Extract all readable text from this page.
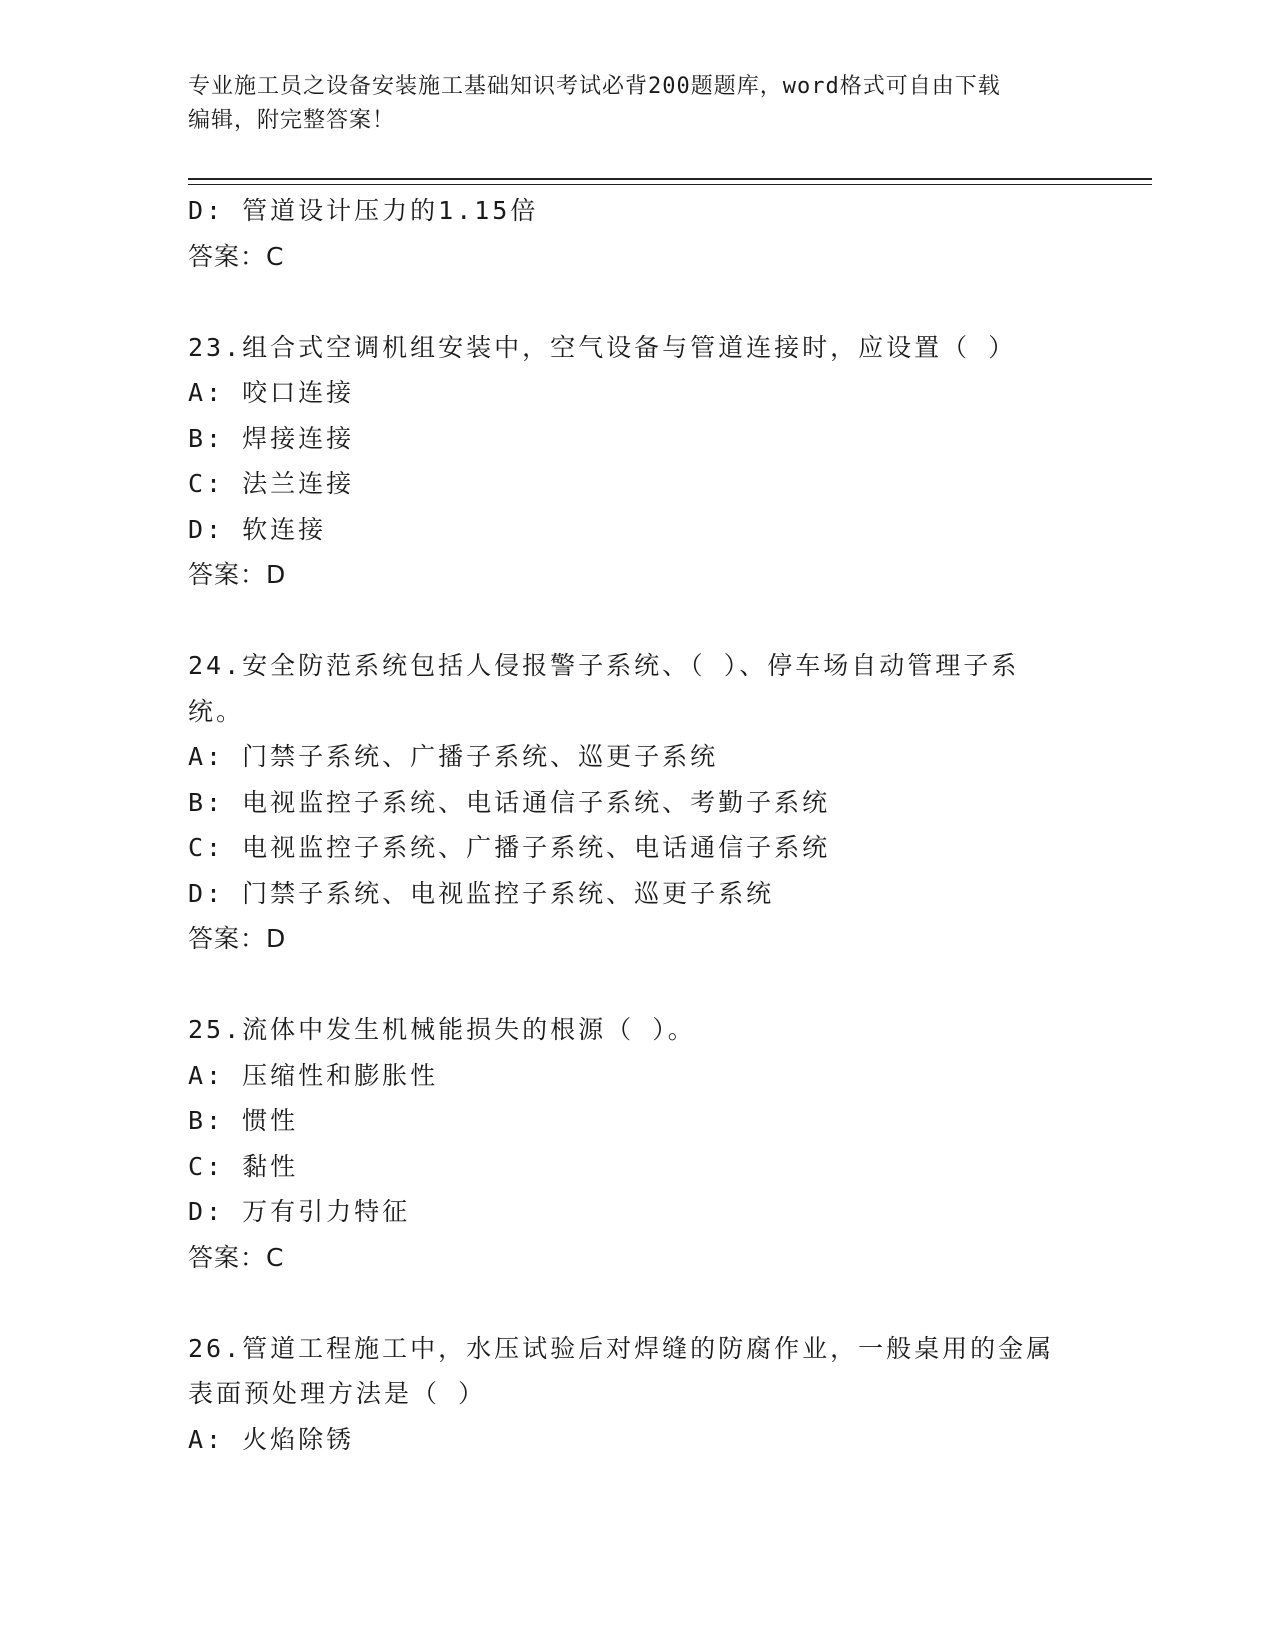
专业施工员之设备安装施工基础知识考试必背200题题库，word格式可自由下载
编辑，附完整答案！
D: 管道设计压力的1.15倍
答案：C
23.组合式空调机组安装中，空气设备与管道连接时，应设置（ ）
A: 咬口连接
B: 焊接连接
C: 法兰连接
D: 软连接
答案：D
24.安全防范系统包括人侵报警子系统、（ ）、停车场自动管理子系
统。
A: 门禁子系统、广播子系统、巡更子系统
B: 电视监控子系统、电话通信子系统、考勤子系统
C: 电视监控子系统、广播子系统、电话通信子系统
D: 门禁子系统、电视监控子系统、巡更子系统
答案：D
25.流体中发生机械能损失的根源（ ）。
A: 压缩性和膨胀性
B: 惯性
C: 黏性
D: 万有引力特征
答案：C
26.管道工程施工中，水压试验后对焊缝的防腐作业，一般桌用的金属
表面预处理方法是（ ）
A: 火焰除锈
